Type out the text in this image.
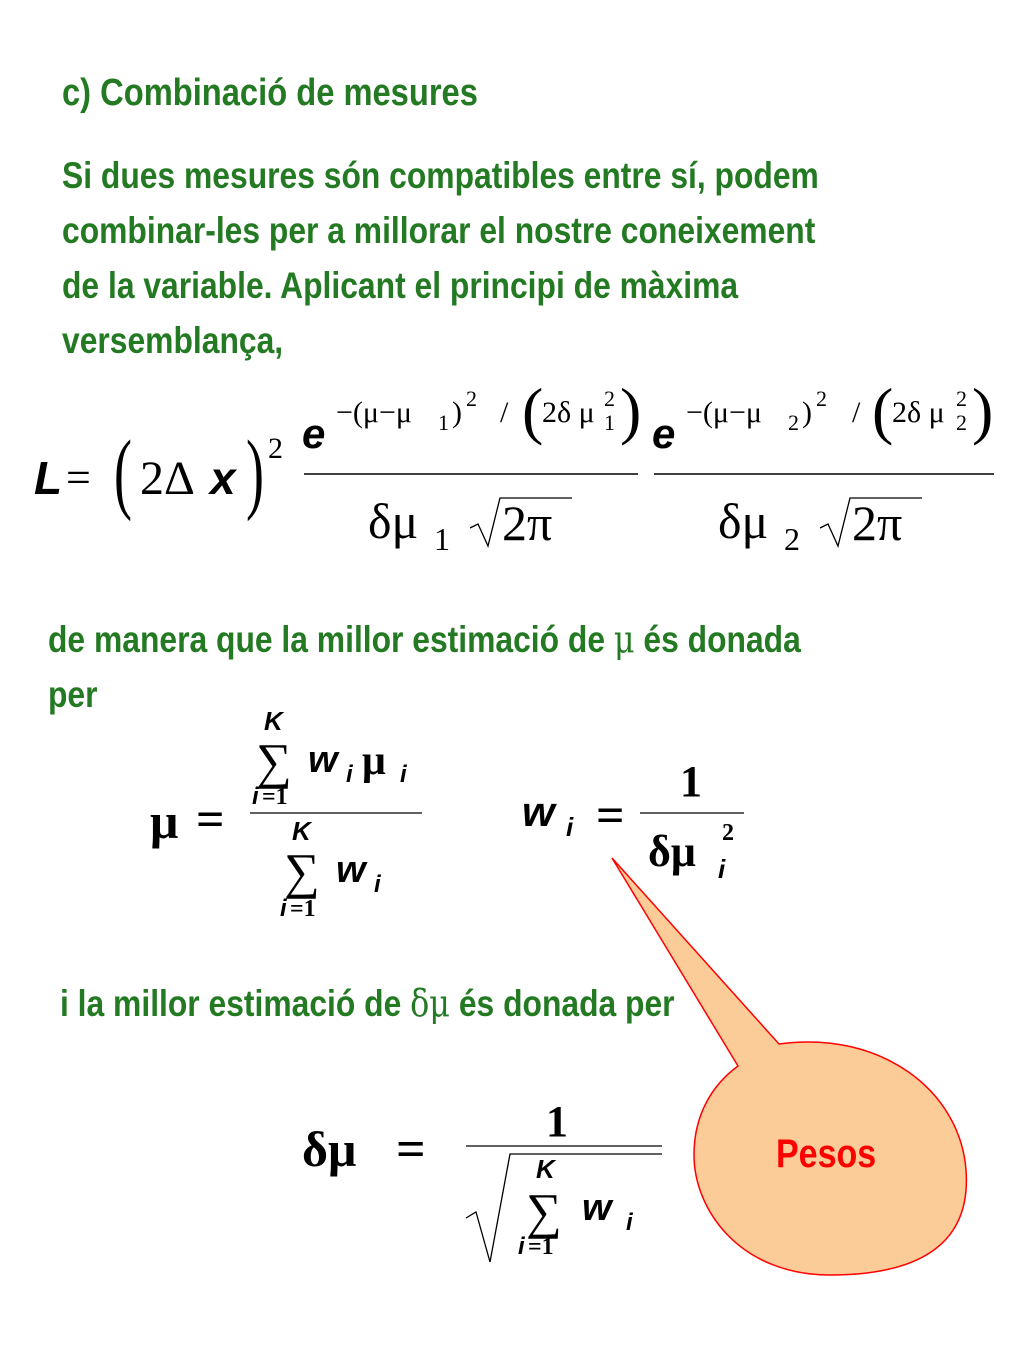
c) Combinació de mesures
Si dues mesures són compatibles entre sí, podem
combinar-les per a millorar el nostre coneixement
de la variable. Aplicant el principi de màxima
versemblança,
L = ( 2Δ x ) 2 e −(μ−μ 1 ) 2 / (
2δ μ 2
1 )
δμ 1 2π
e −(μ−μ 2 ) 2 / (
2δ μ 2
2 )
δμ 2 2π
de manera que la millor estimació de μ és donada
per
μ =
K
∑ w i μ i
i =1
K
∑ w i
i =1
w i =
1
δμ 2
i
i la millor estimació de δμ és donada per
Pesos
δμ =	1
K
∑ w i
i =1
